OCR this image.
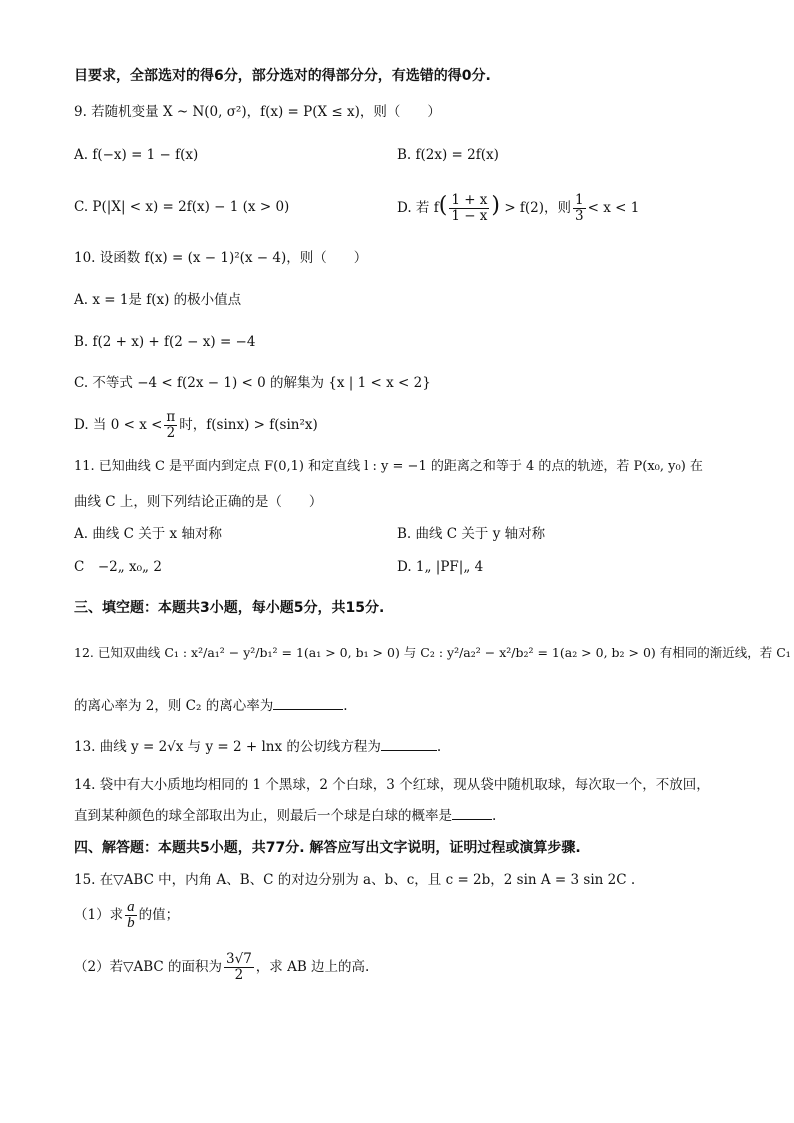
目要求，全部选对的得6分，部分选对的得部分分，有选错的得0分.
9. 若随机变量 X ~ N(0, σ²)，f(x) = P(X ≤ x)，则（　　）
A. f(−x) = 1 − f(x)	B. f(2x) = 2f(x)
C. P(|X| < x) = 2f(x) − 1 (x > 0)	D. 若 $f( \frac{1 + x}{1 - x}$ ) > f(2)，则 $\frac{1}{3} < x < 1$
10. 设函数 f(x) = (x − 1)²(x − 4)，则（　　）
A. x = 1是 f(x) 的极小值点
B. f(2 + x) + f(2 − x) = −4
C. 不等式 −4 < f(2x − 1) < 0 的解集为 {x | 1 < x < 2}
D. 当 $0 < x < \frac{\pi}{2}$ 时，f(sinx) > f(sin²x)
11. 已知曲线 C 是平面内到定点 F(0,1) 和定直线 l : y = −1 的距离之和等于 4 的点的轨迹，若 P(x₀, y₀) 在
曲线 C 上，则下列结论正确的是（　　）
A. 曲线 C 关于 x 轴对称	B. 曲线 C 关于 y 轴对称
C　−2„ x₀„ 2	D. 1„ |PF|„ 4
三、填空题：本题共3小题，每小题5分，共15分.
12. 已知双曲线 C₁ : x²/a₁² − y²/b₁² = 1(a₁ > 0, b₁ > 0) 与 C₂ : y²/a₂² − x²/b₂² = 1(a₂ > 0, b₂ > 0) 有相同的渐近线，若 C₁
的离心率为 2，则 C₂ 的离心率为	.
13. 曲线 y = 2√x 与 y = 2 + lnx 的公切线方程为	.
14. 袋中有大小质地均相同的 1 个黑球，2 个白球，3 个红球，现从袋中随机取球，每次取一个，不放回，
直到某种颜色的球全部取出为止，则最后一个球是白球的概率是	.
四、解答题：本题共5小题，共77分. 解答应写出文字说明，证明过程或演算步骤.
15. 在▽ABC 中，内角 A、B、C 的对边分别为 a、b、c，且 c = 2b，2 sin A = 3 sin 2C .
（1）求 $\frac{a}{b}$ 的值；
（2）若▽ABC 的面积为 $\frac{3√7}{2}$ ，求 AB 边上的高.
